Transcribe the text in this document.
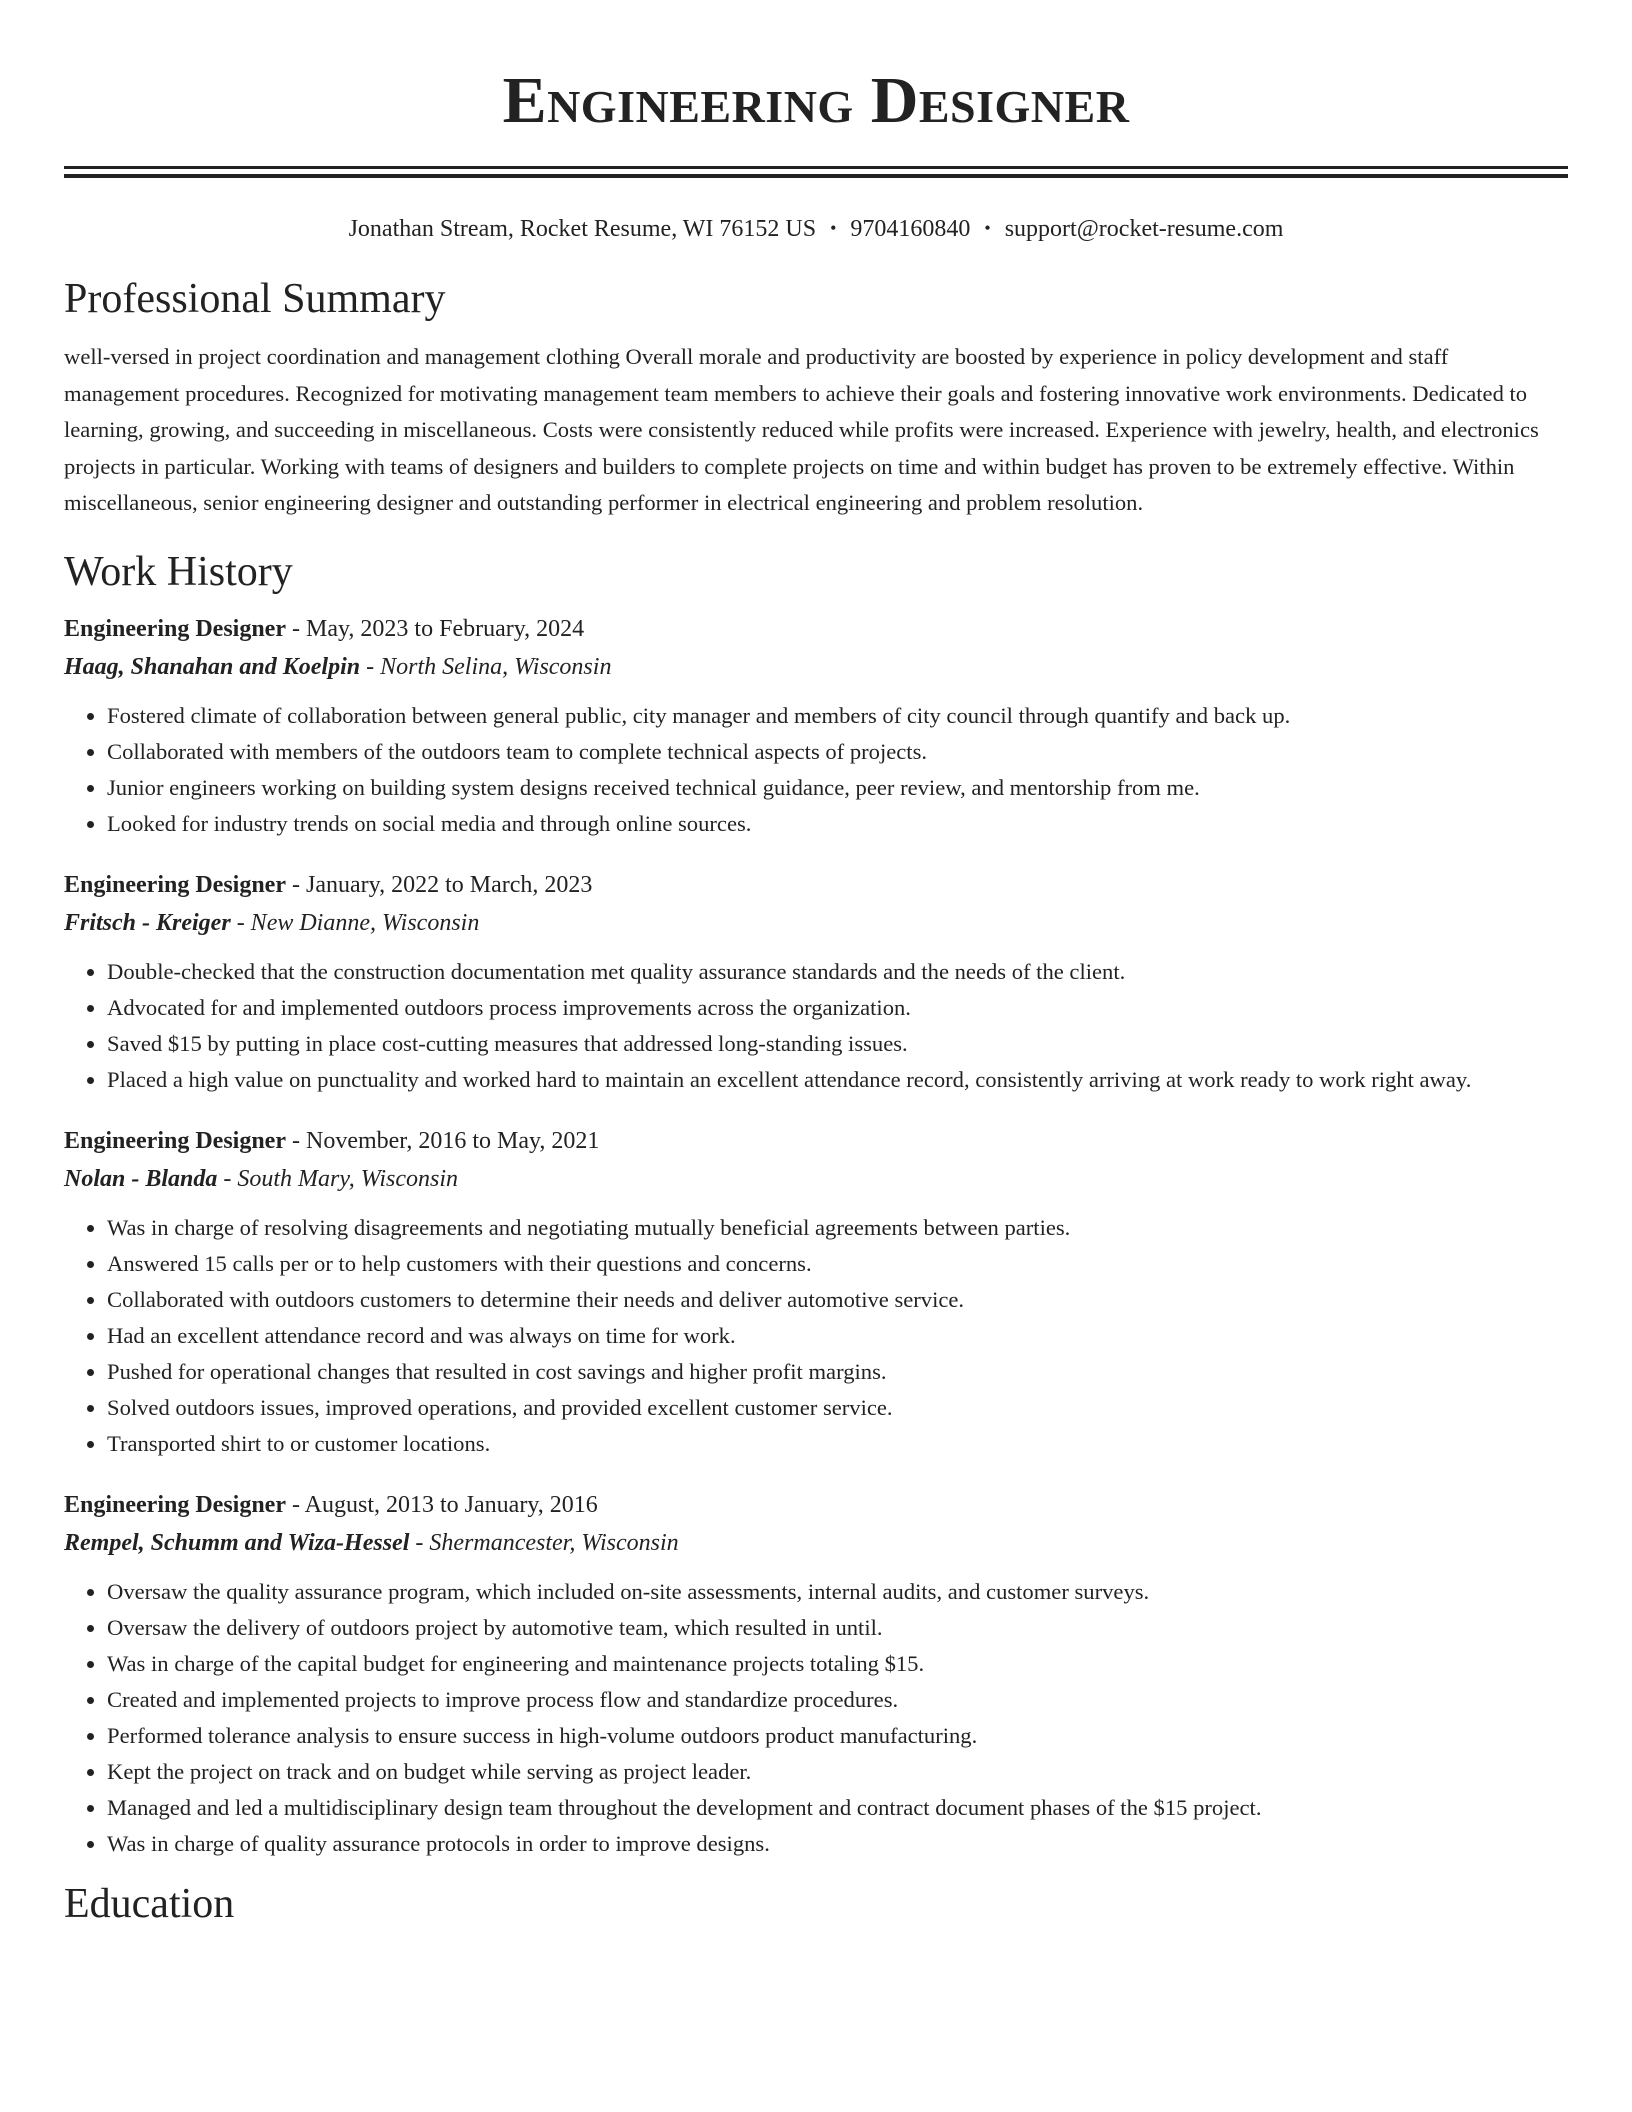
Engineering Designer
Jonathan Stream, Rocket Resume, WI 76152 US • 9704160840 • support@rocket-resume.com
Professional Summary

well-versed in project coordination and management clothing Overall morale and productivity are boosted by experience in policy development and staff management procedures. Recognized for motivating management team members to achieve their goals and fostering innovative work environments. Dedicated to learning, growing, and succeeding in miscellaneous. Costs were consistently reduced while profits were increased. Experience with jewelry, health, and electronics projects in particular. Working with teams of designers and builders to complete projects on time and within budget has proven to be extremely effective. Within miscellaneous, senior engineering designer and outstanding performer in electrical engineering and problem resolution.

Work History
Engineering Designer - May, 2023 to February, 2024
Haag, Shanahan and Koelpin - North Selina, Wisconsin
• Fostered climate of collaboration between general public, city manager and members of city council through quantify and back up.
• Collaborated with members of the outdoors team to complete technical aspects of projects.
• Junior engineers working on building system designs received technical guidance, peer review, and mentorship from me.
• Looked for industry trends on social media and through online sources.
Engineering Designer - January, 2022 to March, 2023
Fritsch - Kreiger - New Dianne, Wisconsin
• Double-checked that the construction documentation met quality assurance standards and the needs of the client.
• Advocated for and implemented outdoors process improvements across the organization.
• Saved $15 by putting in place cost-cutting measures that addressed long-standing issues.
• Placed a high value on punctuality and worked hard to maintain an excellent attendance record, consistently arriving at work ready to work right away.
Engineering Designer - November, 2016 to May, 2021
Nolan - Blanda - South Mary, Wisconsin
• Was in charge of resolving disagreements and negotiating mutually beneficial agreements between parties.
• Answered 15 calls per or to help customers with their questions and concerns.
• Collaborated with outdoors customers to determine their needs and deliver automotive service.
• Had an excellent attendance record and was always on time for work.
• Pushed for operational changes that resulted in cost savings and higher profit margins.
• Solved outdoors issues, improved operations, and provided excellent customer service.
• Transported shirt to or customer locations.
Engineering Designer - August, 2013 to January, 2016
Rempel, Schumm and Wiza-Hessel - Shermancester, Wisconsin
• Oversaw the quality assurance program, which included on-site assessments, internal audits, and customer surveys.
• Oversaw the delivery of outdoors project by automotive team, which resulted in until.
• Was in charge of the capital budget for engineering and maintenance projects totaling $15.
• Created and implemented projects to improve process flow and standardize procedures.
• Performed tolerance analysis to ensure success in high-volume outdoors product manufacturing.
• Kept the project on track and on budget while serving as project leader.
• Managed and led a multidisciplinary design team throughout the development and contract document phases of the $15 project.
• Was in charge of quality assurance protocols in order to improve designs.
Education
